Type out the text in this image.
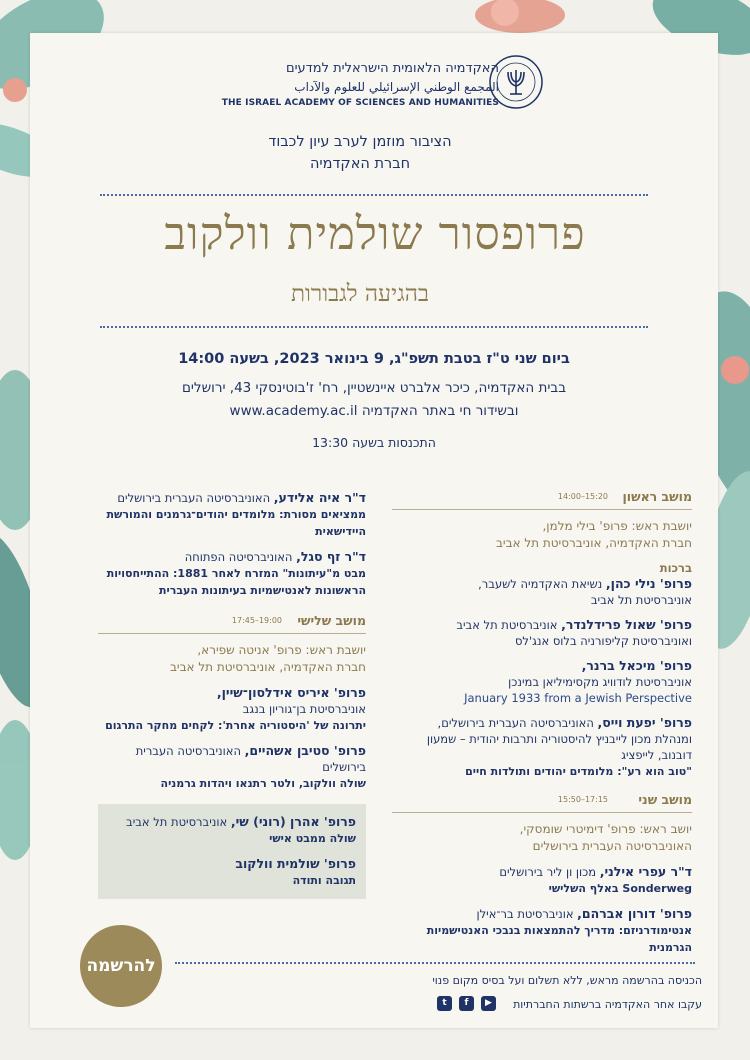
האקדמיה הלאומית הישראלית למדעים
المجمع الوطني الإسرائيلي للعلوم والآداب
THE ISRAEL ACADEMY OF SCIENCES AND HUMANITIES
הציבור מוזמן לערב עיון לכבוד
חברת האקדמיה
פרופסור שולמית וולקוב
בהגיעה לגבורות
ביום שני ט"ז בטבת תשפ"ג, 9 בינואר 2023, בשעה 14:00
בבית האקדמיה, כיכר אלברט איינשטיין, רח' ז'בוטינסקי 43, ירושלים
ובשידור חי באתר האקדמיה www.academy.ac.il
התכנסות בשעה 13:30
מושב ראשון
14:00–15:20
יושבת ראש: פרופ' בילי מלמן,
חברת האקדמיה, אוניברסיטת תל אביב
ברכות
פרופ' נילי כהן, נשיאת האקדמיה לשעבר,
אוניברסיטת תל אביב
פרופ' שאול פרידלנדר, אוניברסיטת תל אביב
ואוניברסיטת קליפורניה בלוס אנג'לס
פרופ' מיכאל ברנר,
אוניברסיטת לודוויג מקסימיליאן במינכן
January 1933 from a Jewish Perspective
פרופ' יפעת וייס, האוניברסיטה העברית בירושלים,
ומנהלת מכון לייבניץ להיסטוריה ותרבות יהודית – שמעון דובנוב, לייפציג
"טוב הוא רע": מלומדים יהודים ותולדות חיים
מושב שני
15:50–17:15
יושב ראש: פרופ' דימיטרי שומסקי,
האוניברסיטה העברית בירושלים
ד"ר עפרי אילני, מכון ון ליר בירושלים
Sonderweg באלף השלישי
פרופ' דורון אברהם, אוניברסיטת בר־אילן
אנטימודרניזם: מדריך להתמצאות בנבכי האנטישמיות הגרמנית
ד"ר איה אלידע, האוניברסיטה העברית בירושלים
ממציאים מסורת: מלומדים יהודים־גרמנים והמורשת היידישאית
ד"ר זף סגל, האוניברסיטה הפתוחה
מבט מ"עיתונות" המזרח לאחר 1881: ההתייחסויות הראשונות לאנטישמיות בעיתונות העברית
מושב שלישי
17:45–19:00
יושבת ראש: פרופ' אניטה שפירא,
חברת האקדמיה, אוניברסיטת תל אביב
פרופ' איריס אידלסון־שיין,
אוניברסיטת בן־גוריון בנגב
יתרונה של 'היסטוריה אחרת': לקחים מחקר התרגום
פרופ' סטיבן אשהיים, האוניברסיטה העברית בירושלים
שולה וולקוב, ולטר רתנאו ויהדות גרמניה
פרופ' אהרן (רוני) שי, אוניברסיטת תל אביב
שולה ממבט אישי
פרופ' שולמית וולקוב
תגובה ותודה
להרשמה
הכניסה בהרשמה מראש, ללא תשלום ועל בסיס מקום פנוי
עקבו אחר האקדמיה ברשתות החברתיות
▶
f
t
